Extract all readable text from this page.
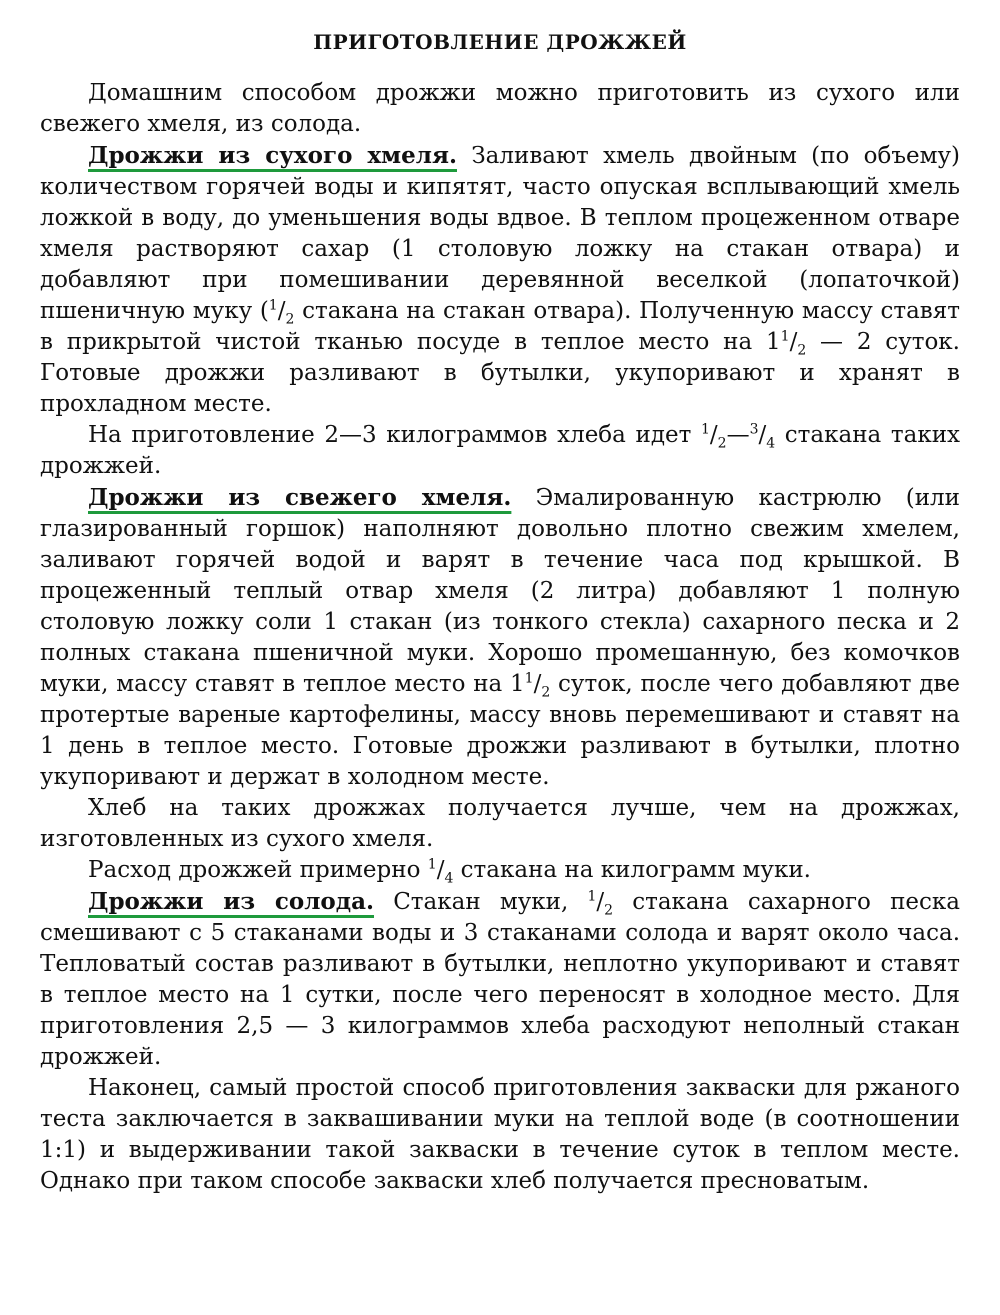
ПРИГОТОВЛЕНИЕ ДРОЖЖЕЙ

Домашним способом дрожжи можно приготовить из сухого или свежего хмеля, из солода.

Дрожжи из сухого хмеля. Заливают хмель двойным (по объему) количеством горячей воды и кипятят, часто опуская всплывающий хмель ложкой в воду, до уменьшения воды вдвое. В теплом процеженном отваре хмеля растворяют сахар (1 столовую ложку на стакан отвара) и добавляют при помешивании деревянной веселкой (лопаточкой) пшеничную муку ($^1/_2$ стакана на стакан отвара). Полученную массу ставят в прикрытой чистой тканью посуде в теплое место на $1^1/_2$ — 2 суток. Готовые дрожжи разливают в бутылки, укупоривают и хранят в прохладном месте.

На приготовление 2—3 килограммов хлеба идет $^1/_2—^3/_4$ стакана таких дрожжей.

Дрожжи из свежего хмеля. Эмалированную кастрюлю (или глазированный горшок) наполняют довольно плотно свежим хмелем, заливают горячей водой и варят в течение часа под крышкой. В процеженный теплый отвар хмеля (2 литра) добавляют 1 полную столовую ложку соли 1 стакан (из тонкого стекла) сахарного песка и 2 полных стакана пшеничной муки. Хорошо промешанную, без комочков муки, массу ставят в теплое место на $1^1/_2$ суток, после чего добавляют две протертые вареные картофелины, массу вновь перемешивают и ставят на 1 день в теплое место. Готовые дрожжи разливают в бутылки, плотно укупоривают и держат в холодном месте.

Хлеб на таких дрожжах получается лучше, чем на дрожжах, изготовленных из сухого хмеля.

Расход дрожжей примерно $^1/_4$ стакана на килограмм муки.

Дрожжи из солода. Стакан муки, $^1/_2$ стакана сахарного песка смешивают с 5 стаканами воды и 3 стаканами солода и варят около часа. Тепловатый состав разливают в бутылки, неплотно укупоривают и ставят в теплое место на 1 сутки, после чего переносят в холодное место. Для приготовления 2,5 — 3 килограммов хлеба расходуют неполный стакан дрожжей.

Наконец, самый простой способ приготовления закваски для ржаного теста заключается в заквашивании муки на теплой воде (в соотношении 1:1) и выдерживании такой закваски в течение суток в теплом месте. Однако при таком способе закваски хлеб получается пресноватым.
